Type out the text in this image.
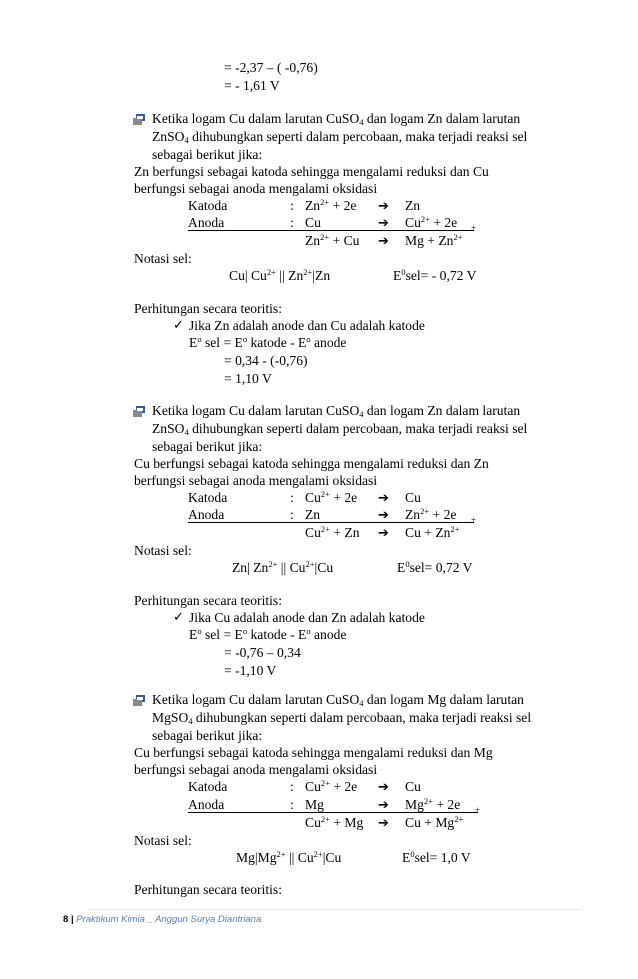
= -2,37 – ( -0,76)
= - 1,61 V
Ketika logam Cu dalam larutan CuSO$_4$ dan logam Zn dalam larutan
ZnSO$_4$ dihubungkan seperti dalam percobaan, maka terjadi reaksi sel
sebagai berikut jika:
Zn berfungsi sebagai katoda sehingga mengalami reduksi dan Cu
berfungsi sebagai anoda mengalami oksidasi
Katoda	: $Zn^{2+} + 2e$ ➔ Zn
Anoda	: Cu	➔ $Cu^{2+} + 2e$ +
$Zn^{2+} + Cu$ ➔ $Mg + Zn^{2+}$
Notasi sel:
Cu| $Cu^{2+}$ || $Zn^{2+}|Zn$	$E^0sel= - 0,72$ V
Perhitungan secara teoritis:
✓ Jika Zn adalah anode dan Cu adalah katode
$E^o$ sel = $E^o$ katode - $E^o$ anode
= 0,34 - (-0,76)
= 1,10 V
Ketika logam Cu dalam larutan CuSO$_4$ dan logam Zn dalam larutan
ZnSO$_4$ dihubungkan seperti dalam percobaan, maka terjadi reaksi sel
sebagai berikut jika:
Cu berfungsi sebagai katoda sehingga mengalami reduksi dan Zn
berfungsi sebagai anoda mengalami oksidasi
Katoda	: $Cu^{2+} + 2e$ ➔ Cu
Anoda	: Zn	➔ $Zn^{2+} + 2e$ +
$Cu^{2+} + Zn$ ➔ $Cu + Zn^{2+}$
Notasi sel:
Zn| $Zn^{2+}$ || $Cu^{2+}|Cu$	$E^0sel= 0,72$ V
Perhitungan secara teoritis:
✓ Jika Cu adalah anode dan Zn adalah katode
$E^o$ sel = $E^o$ katode - $E^o$ anode
= -0,76 – 0,34
= -1,10 V
Ketika logam Cu dalam larutan CuSO$_4$ dan logam Mg dalam larutan
MgSO$_4$ dihubungkan seperti dalam percobaan, maka terjadi reaksi sel
sebagai berikut jika:
Cu berfungsi sebagai katoda sehingga mengalami reduksi dan Mg
berfungsi sebagai anoda mengalami oksidasi
Katoda	: $Cu^{2+} + 2e$ ➔ Cu
Anoda	: Mg	➔ $Mg^{2+} + 2e$ +
$Cu^{2+} + Mg$ ➔ $Cu + Mg^{2+}$
Notasi sel:
$Mg|Mg^{2+}$ || $Cu^{2+}|Cu$	$E^0sel= 1,0$ V
Perhitungan secara teoritis:
8 | Praktikum Kimia _ Anggun Surya Diantriana
